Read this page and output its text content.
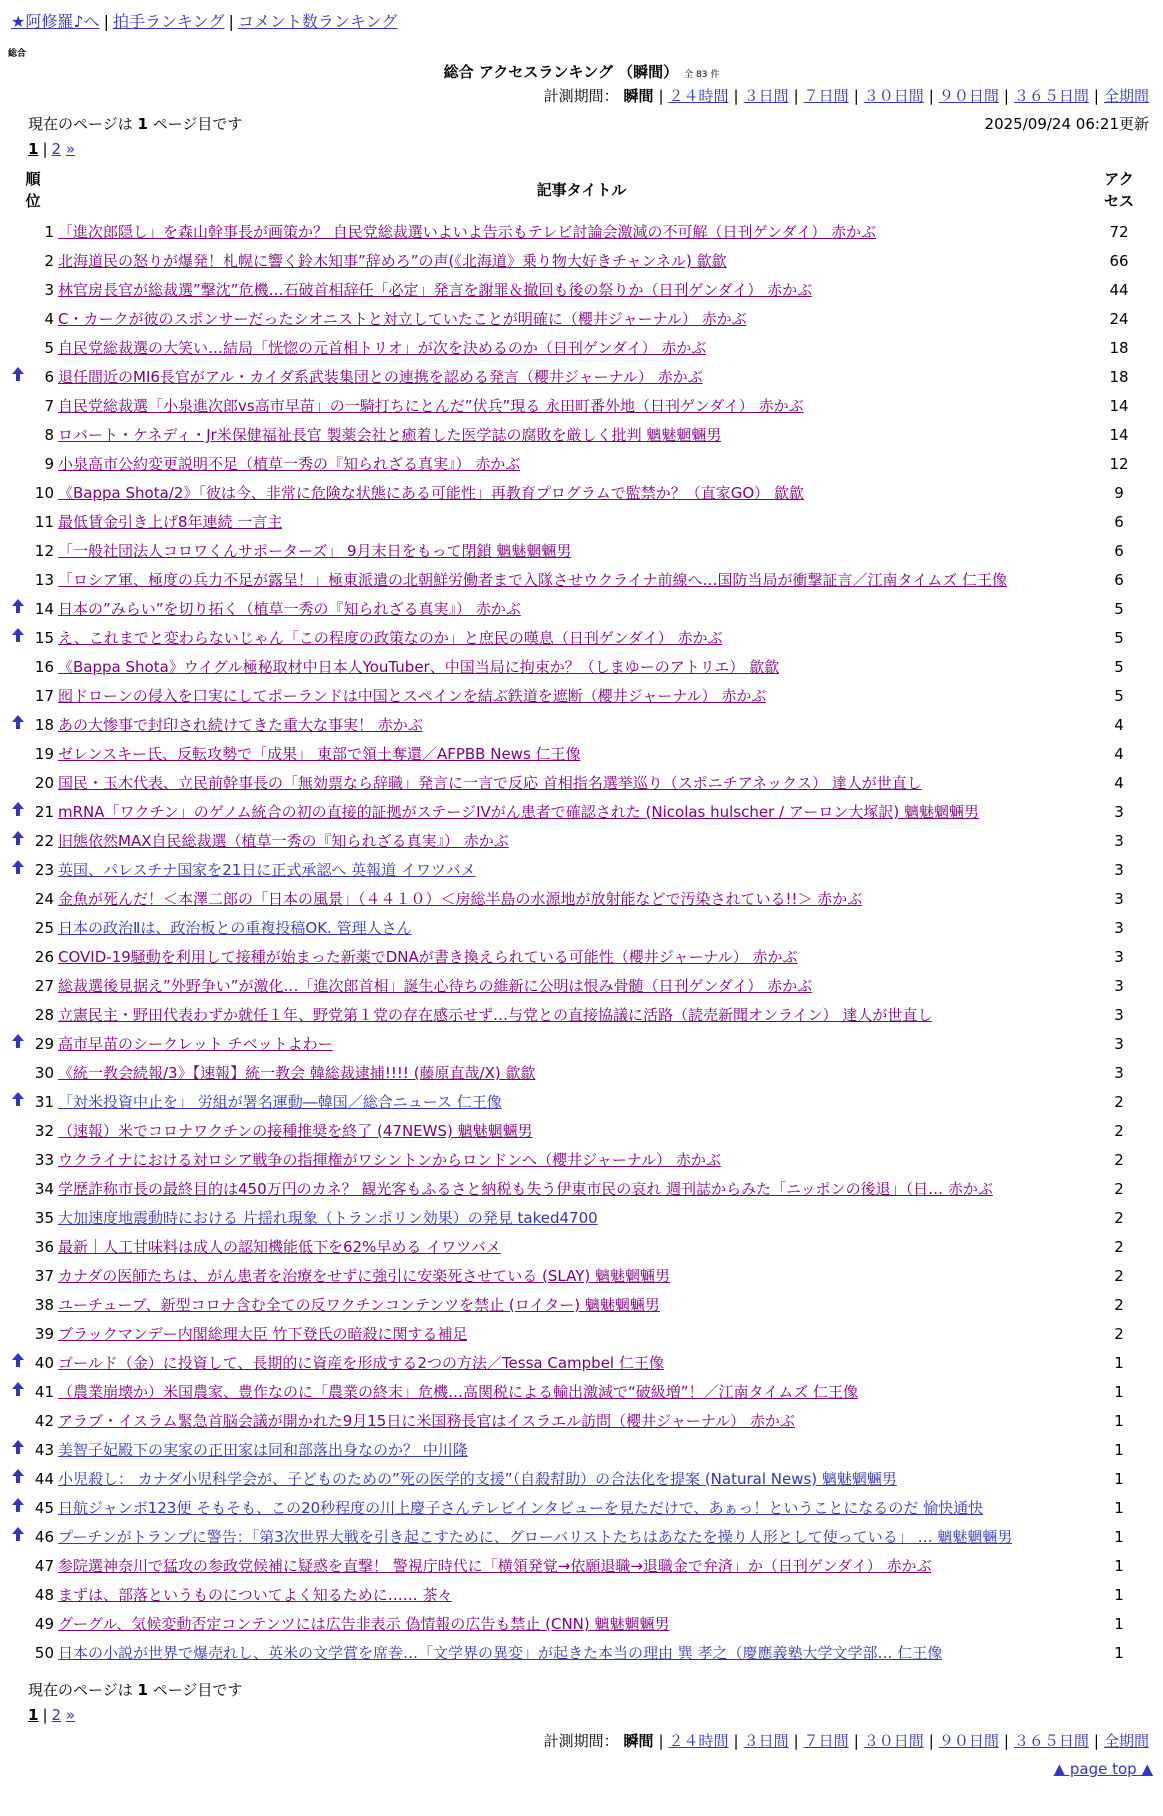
★阿修羅♪へ | 拍手ランキング | コメント数ランキング
総合
総合 アクセスランキング （瞬間） 全 83 件
計測期間： 瞬間 | ２４時間 | ３日間 | ７日間 | ３０日間 | ９０日間 | ３６５日間 | 全期間
現在のページは 1 ページ目です	2025/09/24 06:21更新
1 | 2 »
順位
記事タイトル
アクセス
1 「進次郎隠し」を森山幹事長が画策か？ 自民党総裁選いよいよ告示もテレビ討論会激減の不可解（日刊ゲンダイ） 赤かぶ	72
2 北海道民の怒りが爆発！札幌に響く鈴木知事”辞めろ”の声(《北海道》乗り物大好きチャンネル) 歙歙	66
3 林官房長官が総裁選”撃沈”危機…石破首相辞任「必定」発言を謝罪＆撤回も後の祭りか（日刊ゲンダイ） 赤かぶ	44
4 C・カークが彼のスポンサーだったシオニストと対立していたことが明確に（櫻井ジャーナル） 赤かぶ	24
5 自民党総裁選の大笑い…結局「恍惚の元首相トリオ」が次を決めるのか（日刊ゲンダイ） 赤かぶ	18
6 退任間近のMI6長官がアル・カイダ系武装集団との連携を認める発言（櫻井ジャーナル） 赤かぶ	18
7 自民党総裁選「小泉進次郎vs高市早苗」の一騎打ちにとんだ”伏兵”現る 永田町番外地（日刊ゲンダイ） 赤かぶ	14
8 ロバート・ケネディ・Jr米保健福祉長官 製薬会社と癒着した医学誌の腐敗を厳しく批判 魑魅魍魎男	14
9 小泉高市公約変更説明不足（植草一秀の『知られざる真実』） 赤かぶ	12
10 《Bappa Shota/2》「彼は今、非常に危険な状態にある可能性」再教育プログラムで監禁か？（直家GO） 歙歙	9
11 最低賃金引き上げ8年連続 一言主	6
12 「一般社団法人コロワくんサポーターズ」 9月末日をもって閉鎖 魑魅魍魎男	6
13 「ロシア軍、極度の兵力不足が露呈！」極東派遣の北朝鮮労働者まで入隊させウクライナ前線へ…国防当局が衝撃証言／江南タイムズ 仁王像	6
14 日本の”みらい”を切り拓く（植草一秀の『知られざる真実』） 赤かぶ	5
15 え、これまでと変わらないじゃん「この程度の政策なのか」と庶民の嘆息（日刊ゲンダイ） 赤かぶ	5
16 《Bappa Shota》ウイグル極秘取材中日本人YouTuber、中国当局に拘束か？（しまゆーのアトリエ） 歙歙	5
17 囮ドローンの侵入を口実にしてポーランドは中国とスペインを結ぶ鉄道を遮断（櫻井ジャーナル） 赤かぶ	5
18 あの大惨事で封印され続けてきた重大な事実！ 赤かぶ	4
19 ゼレンスキー氏、反転攻勢で「成果」 東部で領土奪還／AFPBB News 仁王像	4
20 国民・玉木代表、立民前幹事長の「無効票なら辞職」発言に一言で反応 首相指名選挙巡り（スポニチアネックス） 達人が世直し	4
21 mRNA「ワクチン」のゲノム統合の初の直接的証拠がステージIVがん患者で確認された (Nicolas hulscher / アーロン大塚訳) 魑魅魍魎男	3
22 旧態依然MAX自民総裁選（植草一秀の『知られざる真実』） 赤かぶ	3
23 英国、パレスチナ国家を21日に正式承認へ 英報道 イワツバメ	3
24 金魚が死んだ！＜本澤二郎の「日本の風景」（４４１０）＜房総半島の水源地が放射能などで汚染されている!!＞ 赤かぶ	3
25 日本の政治Ⅱは、政治板との重複投稿OK. 管理人さん	3
26 COVID-19騒動を利用して接種が始まった新薬でDNAが書き換えられている可能性（櫻井ジャーナル） 赤かぶ	3
27 総裁選後見据え”外野争い”が激化…「進次郎首相」誕生心待ちの維新に公明は恨み骨髄（日刊ゲンダイ） 赤かぶ	3
28 立憲民主・野田代表わずか就任１年、野党第１党の存在感示せず…与党との直接協議に活路（読売新聞オンライン） 達人が世直し	3
29 高市早苗のシークレット チベットよわー	3
30 《統一教会続報/3》【速報】統一教会 韓総裁逮捕!!!! (藤原直哉/X) 歙歙	3
31 「対米投資中止を」 労組が署名運動―韓国／総合ニュース 仁王像	2
32 （速報）米でコロナワクチンの接種推奨を終了 (47NEWS) 魑魅魍魎男	2
33 ウクライナにおける対ロシア戦争の指揮権がワシントンからロンドンへ（櫻井ジャーナル） 赤かぶ	2
34 学歴詐称市長の最終目的は450万円のカネ？ 観光客もふるさと納税も失う伊東市民の哀れ 週刊誌からみた「ニッポンの後退」（日… 赤かぶ	2
35 大加速度地震動時における 片揺れ現象（トランポリン効果）の発見 taked4700	2
36 最新｜人工甘味料は成人の認知機能低下を62%早める イワツバメ	2
37 カナダの医師たちは、がん患者を治療をせずに強引に安楽死させている (SLAY) 魑魅魍魎男	2
38 ユーチューブ、新型コロナ含む全ての反ワクチンコンテンツを禁止 (ロイター) 魑魅魍魎男	2
39 ブラックマンデー内閣総理大臣 竹下登氏の暗殺に関する補足	2
40 ゴールド（金）に投資して、長期的に資産を形成する2つの方法／Tessa Campbel 仁王像	1
41 （農業崩壊か）米国農家、豊作なのに「農業の終末」危機…高関税による輸出激減で“破級増”！／江南タイムズ 仁王像	1
42 アラブ・イスラム緊急首脳会議が開かれた9月15日に米国務長官はイスラエル訪問（櫻井ジャーナル） 赤かぶ	1
43 美智子妃殿下の実家の正田家は同和部落出身なのか？ 中川隆	1
44 小児殺し： カナダ小児科学会が、子どものための”死の医学的支援”（自殺幇助）の合法化を提案 (Natural News) 魑魅魍魎男	1
45 日航ジャンボ123便 そもそも、この20秒程度の川上慶子さんテレビインタビューを見ただけで、あぁっ！ということになるのだ 愉快通快	1
46 プーチンがトランプに警告：「第3次世界大戦を引き起こすために、グローバリストたちはあなたを操り人形として使っている」 … 魑魅魍魎男	1
47 参院選神奈川で猛攻の参政党候補に疑惑を直撃！ 警視庁時代に「横領発覚→依願退職→退職金で弁済」か（日刊ゲンダイ） 赤かぶ	1
48 まずは、部落というものについてよく知るために…… 茶々	1
49 グーグル、気候変動否定コンテンツには広告非表示 偽情報の広告も禁止 (CNN) 魑魅魍魎男	1
50 日本の小説が世界で爆売れし、英米の文学賞を席巻…「文学界の異変」が起きた本当の理由 巽 孝之（慶應義塾大学文学部… 仁王像	1
現在のページは 1 ページ目です
1 | 2 »
計測期間： 瞬間 | ２４時間 | ３日間 | ７日間 | ３０日間 | ９０日間 | ３６５日間 | 全期間
▲ page top ▲
